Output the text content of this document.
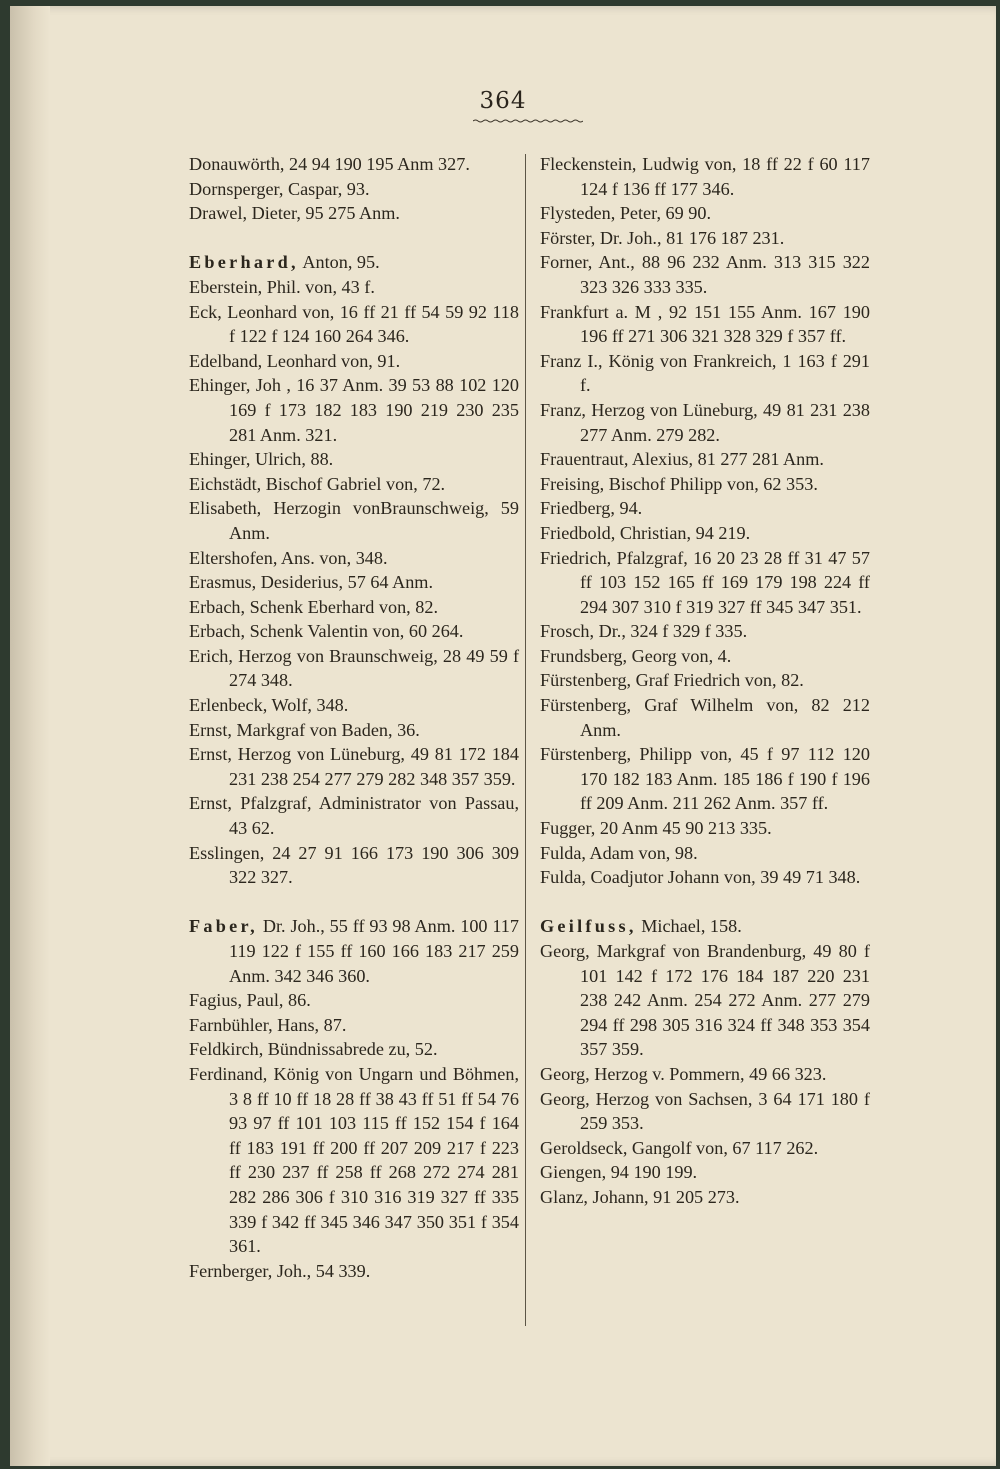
364
Donauwörth, 24 94 190 195 Anm 327.
Dornsperger, Caspar, 93.
Drawel, Dieter, 95 275 Anm.
Eberhard, Anton, 95.
Eberstein, Phil. von, 43 f.
Eck, Leonhard von, 16 ff 21 ff 54 59 92 118 f 122 f 124 160 264 346.
Edelband, Leonhard von, 91.
Ehinger, Joh , 16 37 Anm. 39 53 88 102 120 169 f 173 182 183 190 219 230 235 281 Anm. 321.
Ehinger, Ulrich, 88.
Eichstädt, Bischof Gabriel von, 72.
Elisabeth, Herzogin vonBraunschweig, 59 Anm.
Eltershofen, Ans. von, 348.
Erasmus, Desiderius, 57 64 Anm.
Erbach, Schenk Eberhard von, 82.
Erbach, Schenk Valentin von, 60 264.
Erich, Herzog von Braunschweig, 28 49 59 f 274 348.
Erlenbeck, Wolf, 348.
Ernst, Markgraf von Baden, 36.
Ernst, Herzog von Lüneburg, 49 81 172 184 231 238 254 277 279 282 348 357 359.
Ernst, Pfalzgraf, Administrator von Passau, 43 62.
Esslingen, 24 27 91 166 173 190 306 309 322 327.
Faber, Dr. Joh., 55 ff 93 98 Anm. 100 117 119 122 f 155 ff 160 166 183 217 259 Anm. 342 346 360.
Fagius, Paul, 86.
Farnbühler, Hans, 87.
Feldkirch, Bündnissabrede zu, 52.
Ferdinand, König von Ungarn und Böhmen, 3 8 ff 10 ff 18 28 ff 38 43 ff 51 ff 54 76 93 97 ff 101 103 115 ff 152 154 f 164 ff 183 191 ff 200 ff 207 209 217 f 223 ff 230 237 ff 258 ff 268 272 274 281 282 286 306 f 310 316 319 327 ff 335 339 f 342 ff 345 346 347 350 351 f 354 361.
Fernberger, Joh., 54 339.
Fleckenstein, Ludwig von, 18 ff 22 f 60 117 124 f 136 ff 177 346.
Flysteden, Peter, 69 90.
Förster, Dr. Joh., 81 176 187 231.
Forner, Ant., 88 96 232 Anm. 313 315 322 323 326 333 335.
Frankfurt a. M , 92 151 155 Anm. 167 190 196 ff 271 306 321 328 329 f 357 ff.
Franz I., König von Frankreich, 1 163 f 291 f.
Franz, Herzog von Lüneburg, 49 81 231 238 277 Anm. 279 282.
Frauentraut, Alexius, 81 277 281 Anm.
Freising, Bischof Philipp von, 62 353.
Friedberg, 94.
Friedbold, Christian, 94 219.
Friedrich, Pfalzgraf, 16 20 23 28 ff 31 47 57 ff 103 152 165 ff 169 179 198 224 ff 294 307 310 f 319 327 ff 345 347 351.
Frosch, Dr., 324 f 329 f 335.
Frundsberg, Georg von, 4.
Fürstenberg, Graf Friedrich von, 82.
Fürstenberg, Graf Wilhelm von, 82 212 Anm.
Fürstenberg, Philipp von, 45 f 97 112 120 170 182 183 Anm. 185 186 f 190 f 196 ff 209 Anm. 211 262 Anm. 357 ff.
Fugger, 20 Anm 45 90 213 335.
Fulda, Adam von, 98.
Fulda, Coadjutor Johann von, 39 49 71 348.
Geilfuss, Michael, 158.
Georg, Markgraf von Brandenburg, 49 80 f 101 142 f 172 176 184 187 220 231 238 242 Anm. 254 272 Anm. 277 279 294 ff 298 305 316 324 ff 348 353 354 357 359.
Georg, Herzog v. Pommern, 49 66 323.
Georg, Herzog von Sachsen, 3 64 171 180 f 259 353.
Geroldseck, Gangolf von, 67 117 262.
Giengen, 94 190 199.
Glanz, Johann, 91 205 273.
